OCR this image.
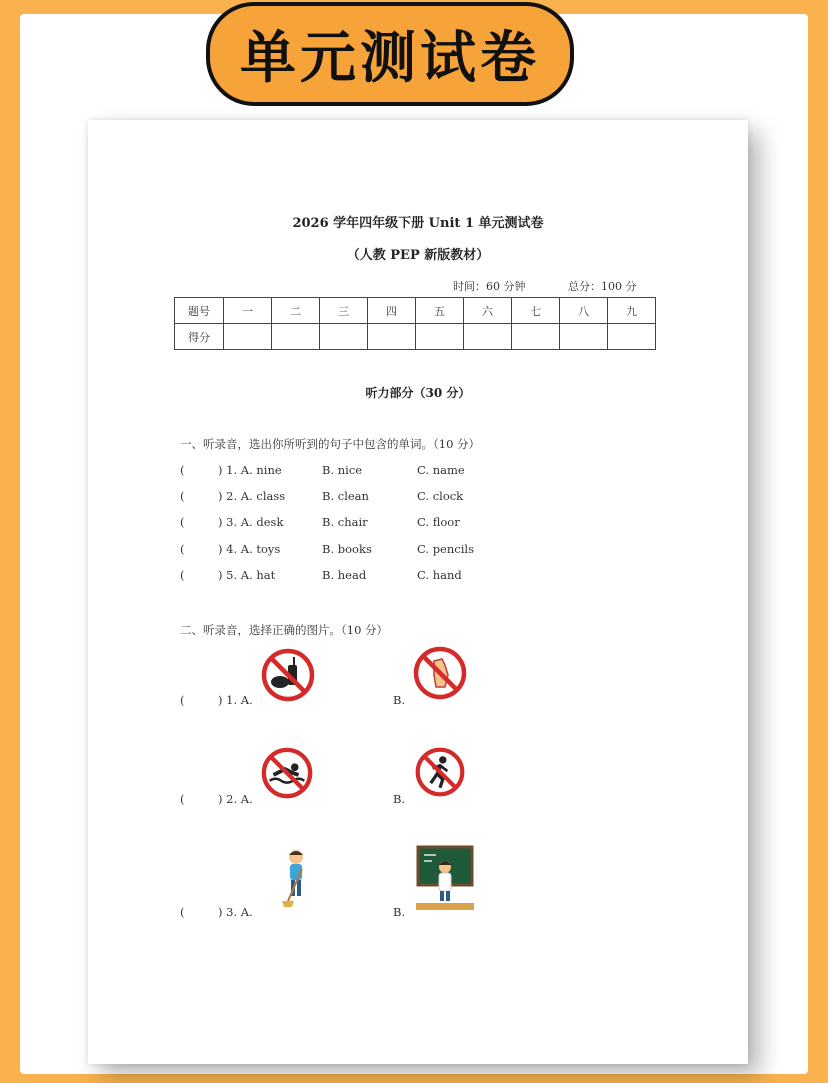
单元测试卷
2026 学年四年级下册 Unit 1 单元测试卷
（人教 PEP 新版教材）
时间：60 分钟	总分：100 分
题号	一	二	三	四	五	六	七	八	九
得分									
听力部分（30 分）
一、听录音，选出你所听到的句子中包含的单词。（10 分）
(	) 1. A. nine	B. nice	C. name
(	) 2. A. class	B. clean	C. clock
(	) 3. A. desk	B. chair	C. floor
(	) 4. A. toys	B. books	C. pencils
(	) 5. A. hat	B. head	C. hand
二、听录音，选择正确的图片。（10 分）
(	) 1. A.	B.
(	) 2. A.	B.
(	) 3. A.	B.
